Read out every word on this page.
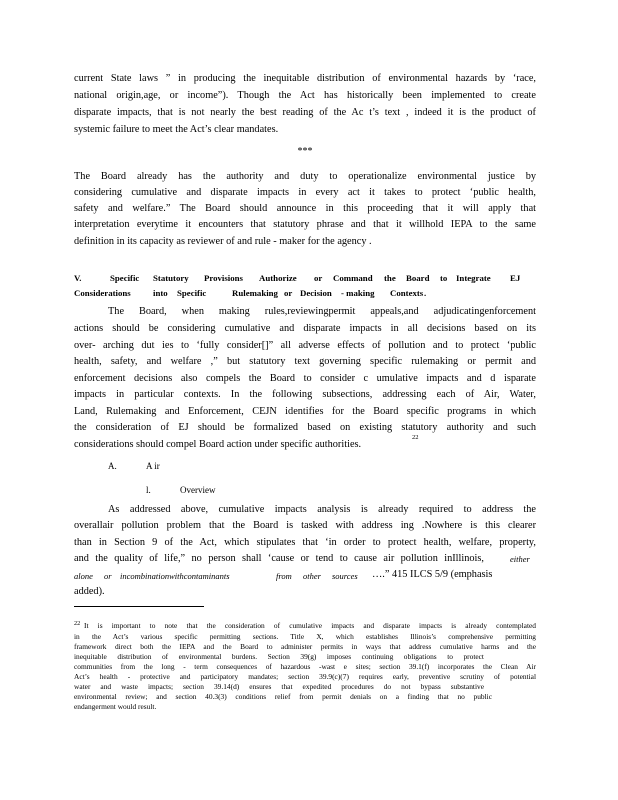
current State laws ” in producing the inequitable distribution of environmental hazards by ‘race,
national origin,age, or income”). Though the Act has historically been implemented to create
disparate impacts, that is not nearly the best reading of the Ac t’s text , indeed it is the product of
systemic failure to meet the Act’s clear mandates.
***
The Board already has the authority and duty to operationalize environmental justice by
considering cumulative and disparate impacts in every act it takes to protect ‘public health,
safety and welfare.” The Board should announce in this proceeding that it will apply that
interpretation everytime it encounters that statutory phrase and that it willhold IEPA to the same
definition in its capacity as reviewer of and rule - maker for the agency .
V.	Specific Statutory Provisions Authorize or Command the Board to Integrate EJ
Considerations	into Specific	Rulemaking or Decision - making Contexts .
The Board, when making rules,reviewingpermit appeals,and adjudicatingenforcement
actions should be considering cumulative and disparate impacts in all decisions based on its
over- arching dut ies to ‘fully consider[]” all adverse effects of pollution and to protect ‘public
health, safety, and welfare ,” but statutory text governing specific rulemaking or permit and
enforcement decisions also compels the Board to consider c umulative impacts and d isparate
impacts in particular contexts. In the following subsections, addressing each of Air, Water,
Land, Rulemaking and Enforcement, CEJN identifies for the Board specific programs in which
the consideration of EJ should be formalized based on existing statutory authority and such
considerations should compel Board action under specific authorities.
22
A.	A ir
l.	Overview
As addressed above, cumulative impacts analysis is already required to address the
overallair pollution problem that the Board is tasked with address ing .Nowhere is this clearer
than in Section 9 of the Act, which stipulates that ‘in order to protect health, welfare, property,
and the quality of life,” no person shall ‘cause or tend to cause air pollution inIllinois,	either
alone or incombinationwithcontaminants	from other sources ….” 415 ILCS 5/9 (emphasis
added).
22 It is important to note that the consideration of cumulative impacts and disparate impacts is already contemplated
in the Act’s various specific permitting sections. Title X, which establishes Illinois’s comprehensive permitting
framework direct both the IEPA and the Board to administer permits in ways that address cumulative harms and the
inequitable distribution of environmental burdens. Section 39(g) imposes continuing obligations to protect
communities from the long - term consequences of hazardous -wast e sites; section 39.1(f) incorporates the Clean Air
Act’s health - protective and participatory mandates; section 39.9(c)(7) requires early, preventive scrutiny of potential
water and waste impacts; section 39.14(d) ensures that expedited procedures do not bypass substantive
environmental review; and section 40.3(3) conditions relief from permit denials on a finding that no public
endangerment would result.
